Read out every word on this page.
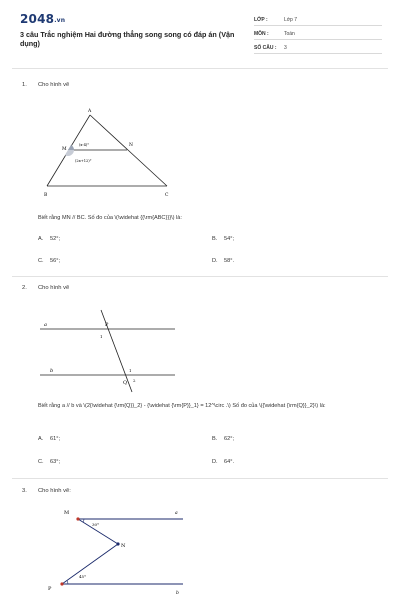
2048.vn
3 câu Trắc nghiệm Hai đường thẳng song song có đáp án (Vận dụng)
LỚP :	Lớp 7
MÔN :	Toán
SỐ CÂU : 3
1. Cho hình vẽ
A
B	C
M
N
(x-4)°
(2x+12)°
Biết rằng MN // BC. Số đo của \(\widehat {{\rm{ABC}}}\) là:
A. 52°;	B. 54°;
C. 56°;	D. 58°.
2. Cho hình vẽ
a
b
P
1
Q
1
2
Biết rằng a // b và \(2{\widehat {\rm{Q}}_2} - {\widehat {\rm{P}}_1} = 12^\circ .\) Số đo của \({\widehat {\rm{Q}}_2}\) là:
A. 61°;	B. 62°;
C. 63°;	D. 64°.
3. Cho hình vẽ:
M
N
P
a
b
30°
45°
